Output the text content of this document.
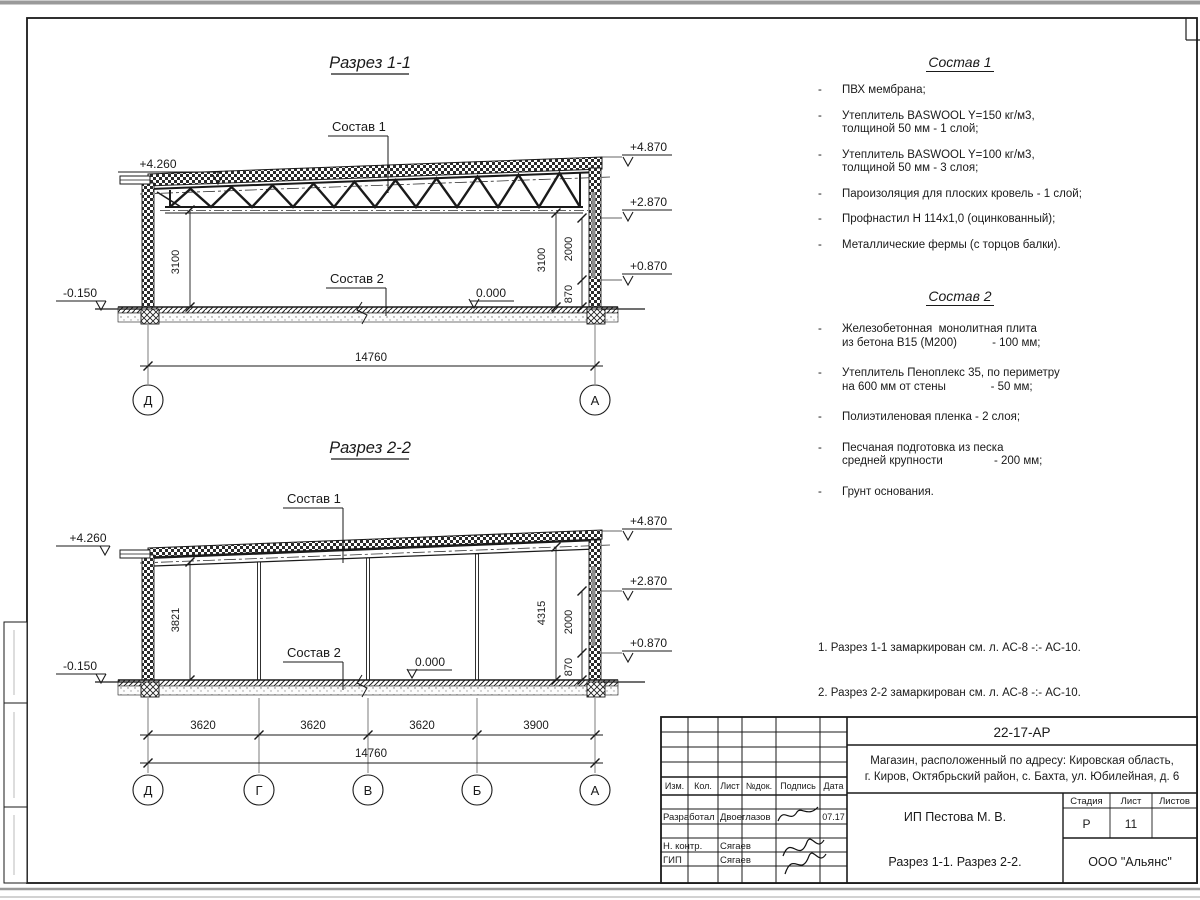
Разрез 1-1
+4.260
-0.150	0.000
+4.870
+2.870
+0.870
Состав 1
Состав 2
3100	3100 2000
870
14760
Д	А
Разрез 2-2
+4.260
-0.150	0.000
+4.870
+2.870
+0.870
Состав 1
Состав 2
3821	4315 2000
870
3620	3620	3620	3900
14760
Д	Г	В	Б	А	Изм. Кол. Лист №док. Подпись Дата
Разработал Двоеглазов	07.17
Н. контр. Сягаев
ГИП	Сягаев
22-17-АР
Магазин, расположенный по адресу: Кировская область,
г. Киров, Октябрьский район, с. Бахта, ул. Юбилейная, д. 6
ИП Пестова М. В.
Разрез 1-1. Разрез 2-2.
Стадия Лист Листов
Р	11
ООО "Альянс"
Состав 1
- ПВХ мембрана;
- Утеплитель BASWOOL Y=150 кг/м3,
толщиной 50 мм - 1 слой;
- Утеплитель BASWOOL Y=100 кг/м3,
толщиной 50 мм - 3 слоя;
- Пароизоляция для плоских кровель - 1 слой;
- Профнастил Н 114х1,0 (оцинкованный);
- Металлические фермы (с торцов балки).
Состав 2
- Железобетонная  монолитная плита
из бетона В15 (М200)           - 100 мм;
- Утеплитель Пеноплекс 35, по периметру
на 600 мм от стены              - 50 мм;
- Полиэтиленовая пленка - 2 слоя;
- Песчаная подготовка из песка
средней крупности                - 200 мм;
- Грунт основания.

1. Разрез 1-1 замаркирован см. л. АС-8 -:- АС-10.

2. Разрез 2-2 замаркирован см. л. АС-8 -:- АС-10.
